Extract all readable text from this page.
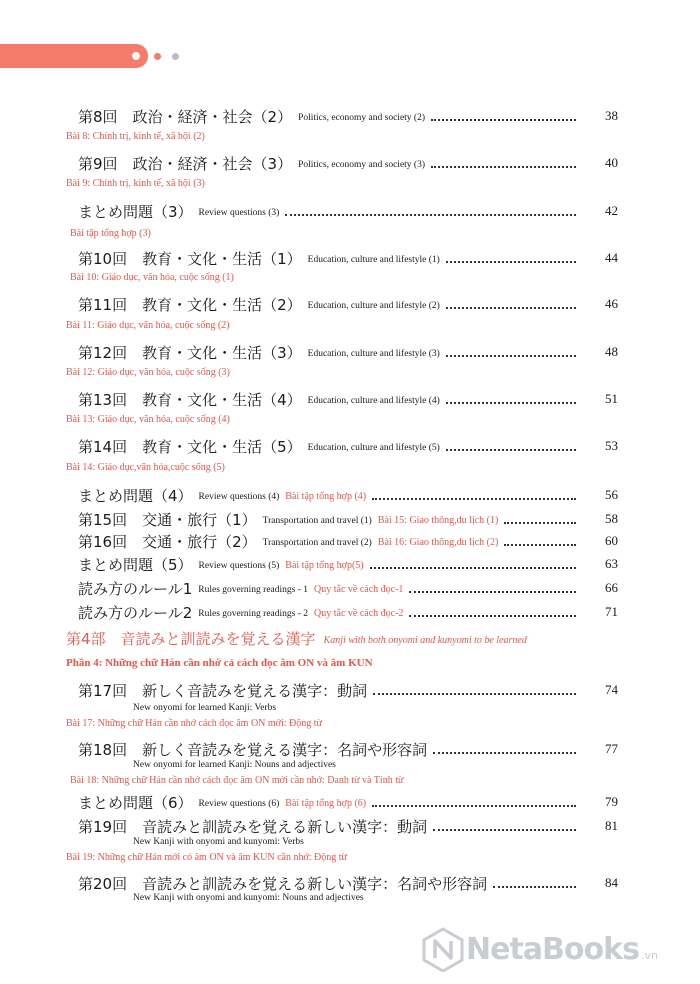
第8回　政治・経済・社会（2） Politics, economy and society (2)	38
Bài 8: Chính trị, kinh tế, xã hội (2)
第9回　政治・経済・社会（3） Politics, economy and society (3)	40
Bài 9: Chính trị, kinh tế, xã hội (3)
まとめ問題（3） Review questions (3)	42
Bài tập tổng hợp (3)
第10回　教育・文化・生活（1） Education, culture and lifestyle (1)	44
Bài 10: Giáo dục, văn hóa, cuộc sống (1)
第11回　教育・文化・生活（2） Education, culture and lifestyle (2)	46
Bài 11: Giáo dục, văn hóa, cuộc sống (2)
第12回　教育・文化・生活（3） Education, culture and lifestyle (3)	48
Bài 12: Giáo dục, văn hóa, cuộc sống (3)
第13回　教育・文化・生活（4） Education, culture and lifestyle (4)	51
Bài 13: Giáo dục, văn hóa, cuộc sống (4)
第14回　教育・文化・生活（5） Education, culture and lifestyle (5)	53
Bài 14: Giáo dục,văn hóa,cuộc sống (5)
まとめ問題（4） Review questions (4) Bài tập tổng hợp (4)	56
第15回　交通・旅行（1） Transportation and travel (1) Bài 15: Giao thông,du lịch (1)	58
第16回　交通・旅行（2） Transportation and travel (2) Bài 16: Giao thông,du lịch (2)	60
まとめ問題（5） Review questions (5) Bài tập tổng hợp(5)	63
読み方のルール1 Rules governing readings - 1 Quy tắc về cách đọc-1	66
読み方のルール2 Rules governing readings - 2 Quy tắc về cách đọc-2	71
第4部　音読みと訓読みを覚える漢字 Kanji with both onyomi and kunyomi to be learned
Phần 4: Những chữ Hán cần nhớ cả cách đọc âm ON và âm KUN
第17回　新しく音読みを覚える漢字：動詞	74
New onyomi for learned Kanji: Verbs
Bài 17: Những chữ Hán cần nhớ cách đọc âm ON mới: Động từ
第18回　新しく音読みを覚える漢字：名詞や形容詞	77
New onyomi for learned Kanji: Nouns and adjectives
Bài 18: Những chữ Hán cần nhớ cách đọc âm ON mới cần nhớ: Danh từ và Tính từ
まとめ問題（6） Review questions (6) Bài tập tổng hợp (6)	79
第19回　音読みと訓読みを覚える新しい漢字：動詞	81
New Kanji with onyomi and kunyomi: Verbs
Bài 19: Những chữ Hán mới có âm ON và âm KUN cần nhớ: Động từ
第20回　音読みと訓読みを覚える新しい漢字：名詞や形容詞	84
New Kanji with onyomi and kunyomi: Nouns and adjectives
NetaBooks .vn
